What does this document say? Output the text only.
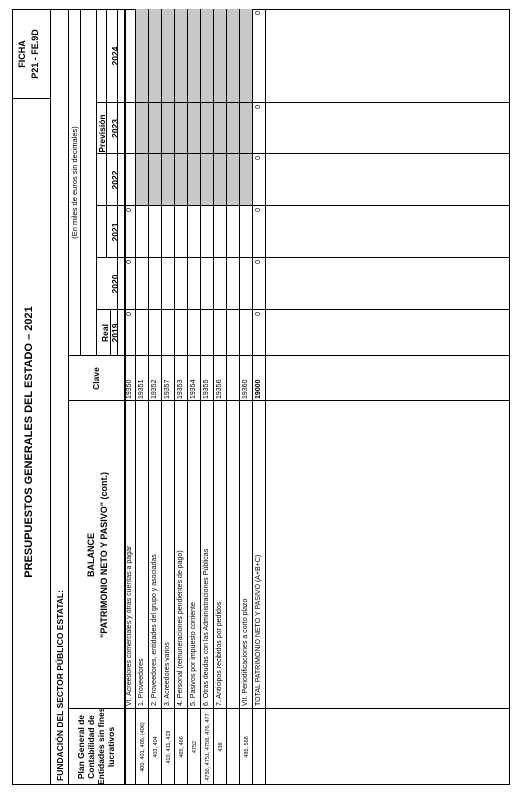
PRESUPUESTOS GENERALES DEL ESTADO – 2021
FICHA P21 - FE.9D
FUNDACIÓN DEL SECTOR PÚBLICO ESTATAL: Plan General de Contabilidad de Entidades sin fines lucrativos
BALANCE "PATRIMONIO NETO Y PASIVO" (cont.)
Clave
(En miles de euros sin decimales)
Real
Previsión
2019
2020
2021
2022
2023
2024
VI. Acreedores comerciales y otras cuentas a pagar
19350
0
0
0
400, 401, 405, (406)
1. Proveedores
19351
403, 404
2. Proveedores, entidades del grupo y asociadas
19352
410, 411, 419
3. Acreedores varios
19357
465, 466
4. Personal (remuneraciones pendientes de pago)
19353
4752
5. Pasivos por impuesto corriente
19354
4750, 4751, 4758, 476, 477
6. Otras deudas con las Administraciones Públicas
19355
438
7. Anticipos recibidos por pedidos
19356
485, 568
VII. Periodificaciones a corto plazo
19360
TOTAL PATRIMONIO NETO Y PASIVO (A+B+C)
19000
0
0
0
0
0
0
